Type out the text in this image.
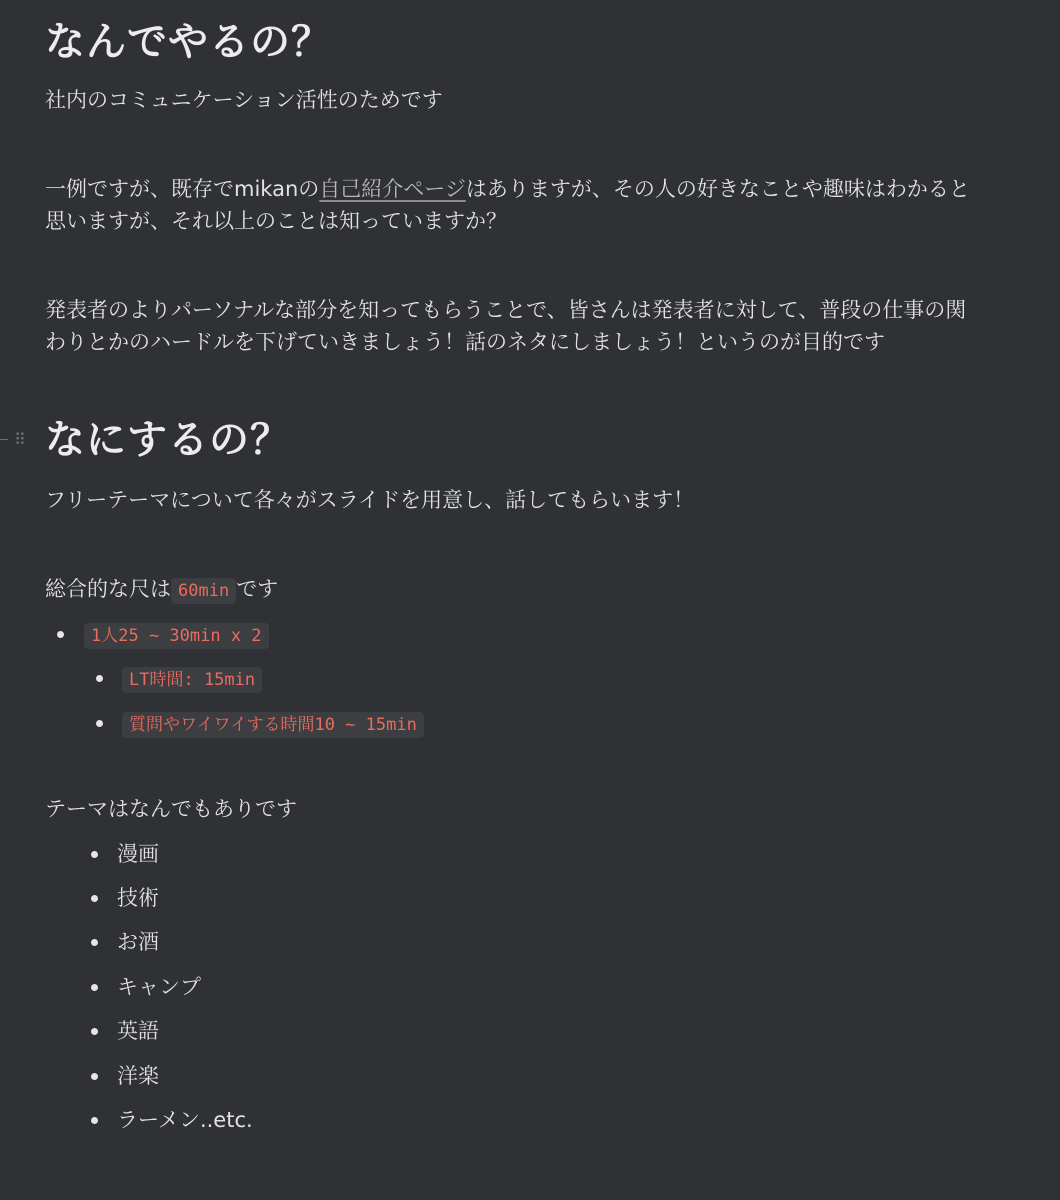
なんでやるの？

社内のコミュニケーション活性のためです

一例ですが、既存でmikanの自己紹介ページはありますが、その人の好きなことや趣味はわかると
思いますが、それ以上のことは知っていますか？
発表者のよりパーソナルな部分を知ってもらうことで、皆さんは発表者に対して、普段の仕事の関
わりとかのハードルを下げていきましょう！話のネタにしましょう！というのが目的です
⠿ なにするの？

フリーテーマについて各々がスライドを用意し、話してもらいます！

総合的な尺は 60min です
1人25 ~ 30min x 2
LT時間: 15min
質問やワイワイする時間10 ~ 15min

テーマはなんでもありです

漫画
技術
お酒
キャンプ
英語
洋楽
ラーメン..etc.
